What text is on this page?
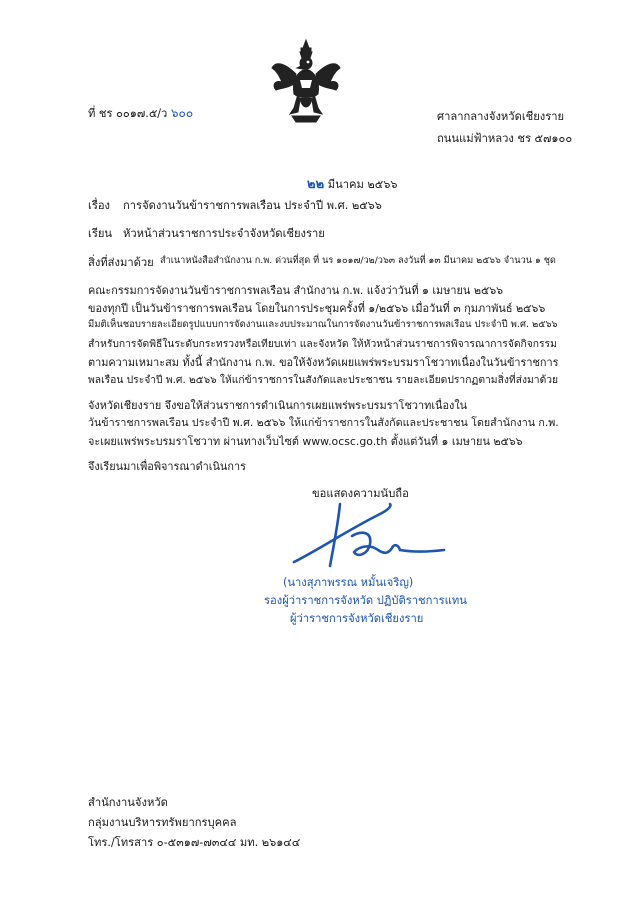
ที่ ชร ๐๐๑๗.๕/ว ๖๐๐	ศาลากลางจังหวัดเชียงราย
ถนนแม่ฟ้าหลวง ชร ๕๗๑๐๐
๒๒ มีนาคม ๒๕๖๖
เรื่อง การจัดงานวันข้าราชการพลเรือน ประจำปี พ.ศ. ๒๕๖๖
เรียน หัวหน้าส่วนราชการประจำจังหวัดเชียงราย
สิ่งที่ส่งมาด้วย สำเนาหนังสือสำนักงาน ก.พ. ด่วนที่สุด ที่ นร ๑๐๑๗/ว๒/ว๖๓ ลงวันที่ ๑๓ มีนาคม ๒๕๖๖ จำนวน ๑ ชุด
คณะกรรมการจัดงานวันข้าราชการพลเรือน สำนักงาน ก.พ. แจ้งว่าวันที่ ๑ เมษายน ๒๕๖๖
ของทุกปี เป็นวันข้าราชการพลเรือน โดยในการประชุมครั้งที่ ๑/๒๕๖๖ เมื่อวันที่ ๓ กุมภาพันธ์ ๒๕๖๖
มีมติเห็นชอบรายละเอียดรูปแบบการจัดงานและงบประมาณในการจัดงานวันข้าราชการพลเรือน ประจำปี พ.ศ. ๒๕๖๖
สำหรับการจัดพิธีในระดับกระทรวงหรือเทียบเท่า และจังหวัด ให้หัวหน้าส่วนราชการพิจารณาการจัดกิจกรรม
ตามความเหมาะสม ทั้งนี้ สำนักงาน ก.พ. ขอให้จังหวัดเผยแพร่พระบรมราโชวาทเนื่องในวันข้าราชการ
พลเรือน ประจำปี พ.ศ. ๒๕๖๖ ให้แก่ข้าราชการในสังกัดและประชาชน รายละเอียดปรากฏตามสิ่งที่ส่งมาด้วย
จังหวัดเชียงราย จึงขอให้ส่วนราชการดำเนินการเผยแพร่พระบรมราโชวาทเนื่องใน
วันข้าราชการพลเรือน ประจำปี พ.ศ. ๒๕๖๖ ให้แก่ข้าราชการในสังกัดและประชาชน โดยสำนักงาน ก.พ.
จะเผยแพร่พระบรมราโชวาท ผ่านทางเว็บไซต์ www.ocsc.go.th ตั้งแต่วันที่ ๑ เมษายน ๒๕๖๖
จึงเรียนมาเพื่อพิจารณาดำเนินการ
ขอแสดงความนับถือ
(นางสุภาพรรณ หมั้นเจริญ)
รองผู้ว่าราชการจังหวัด ปฏิบัติราชการแทน
ผู้ว่าราชการจังหวัดเชียงราย
สำนักงานจังหวัด
กลุ่มงานบริหารทรัพยากรบุคคล
โทร./โทรสาร ๐-๕๓๑๗-๗๓๔๔ มท. ๒๖๑๔๔
